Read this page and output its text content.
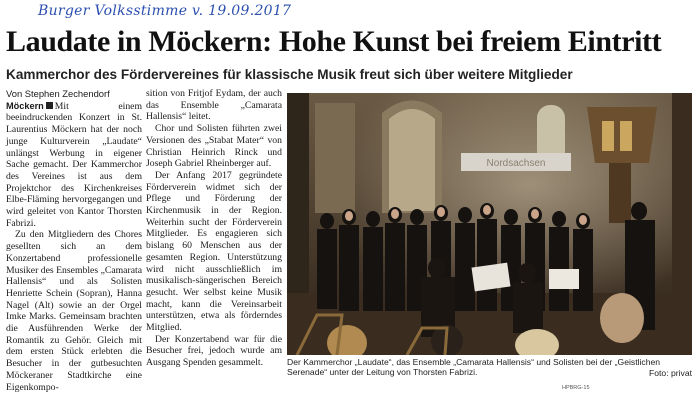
Burger Volksstimme v. 19.09.2017
Laudate in Möckern: Hohe Kunst bei freiem Eintritt
Kammerchor des Fördervereines für klassische Musik freut sich über weitere Mitglieder
Von Stephen Zechendorf

Möckern Mit einem beeindruckenden Konzert in St. Laurentius Möckern hat der noch junge Kulturverein „Laudate“ unlängst Werbung in eigener Sache gemacht. Der Kammerchor des Vereines ist aus dem Projektchor des Kirchenkreises Elbe-Fläming hervorgegangen und wird geleitet von Kantor Thorsten Fabrizi.

Zu den Mitgliedern des Chores gesellten sich an dem Konzertabend professionelle Musiker des Ensembles „Camarata Hallensis“ und als Solisten Henriette Schein (Sopran), Hanna Nagel (Alt) sowie an der Orgel Imke Marks. Gemeinsam brachten die Ausführenden Werke der Romantik zu Gehör. Gleich mit dem ersten Stück erlebten die Besucher in der gutbesuchten Möckeraner Stadtkirche eine Eigenkompo-

sition von Fritjof Eydam, der auch das Ensemble „Camarata Hallensis“ leitet.

Chor und Solisten führten zwei Versionen des „Stabat Mater“ von Christian Heinrich Rinck und Joseph Gabriel Rheinberger auf.

Der Anfang 2017 gegründete Förderverein widmet sich der Pflege und Förderung der Kirchenmusik in der Region. Weiterhin sucht der Förderverein Mitglieder. Es engagieren sich bislang 60 Menschen aus der gesamten Region. Unterstützung wird nicht ausschließlich im musikalisch-sängerischen Bereich gesucht. Wer selbst keine Musik macht, kann die Vereinsarbeit unterstützen, etwa als förderndes Mitglied.

Der Konzertabend war für die Besucher frei, jedoch wurde am Ausgang Spenden gesammelt.

Nordsachsen
Der Kammerchor „Laudate“, das Ensemble „Camarata Hallensis“ und Solisten bei der „Geistlichen Serenade“ unter der Leitung von Thorsten Fabrizi.	Foto: privat
HPBRG-15
